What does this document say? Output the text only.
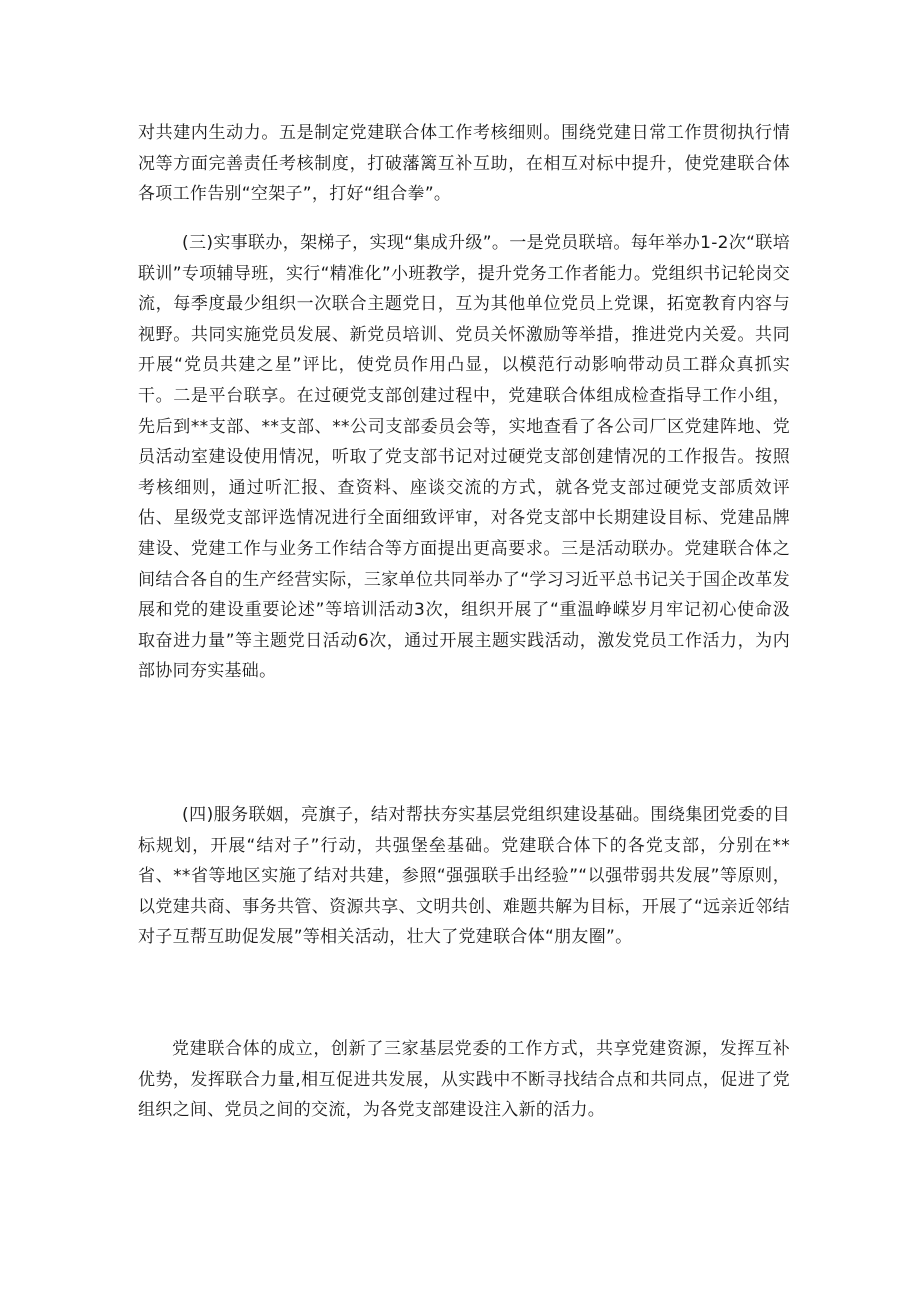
对共建内生动力。五是制定党建联合体工作考核细则。围绕党建日常工作贯彻执行情况等方面完善责任考核制度，打破藩篱互补互助，在相互对标中提升，使党建联合体各项工作告别“空架子”，打好“组合拳”。

(三)实事联办，架梯子，实现“集成升级”。一是党员联培。每年举办1-2次“联培联训”专项辅导班，实行“精准化”小班教学，提升党务工作者能力。党组织书记轮岗交流，每季度最少组织一次联合主题党日，互为其他单位党员上党课，拓宽教育内容与视野。共同实施党员发展、新党员培训、党员关怀激励等举措，推进党内关爱。共同开展“党员共建之星”评比，使党员作用凸显，以模范行动影响带动员工群众真抓实干。二是平台联享。在过硬党支部创建过程中，党建联合体组成检查指导工作小组，先后到**支部、**支部、**公司支部委员会等，实地查看了各公司厂区党建阵地、党员活动室建设使用情况，听取了党支部书记对过硬党支部创建情况的工作报告。按照考核细则，通过听汇报、查资料、座谈交流的方式，就各党支部过硬党支部质效评估、星级党支部评选情况进行全面细致评审，对各党支部中长期建设目标、党建品牌建设、党建工作与业务工作结合等方面提出更高要求。三是活动联办。党建联合体之间结合各自的生产经营实际，三家单位共同举办了“学习习近平总书记关于国企改革发展和党的建设重要论述”等培训活动3次，组织开展了“重温峥嵘岁月牢记初心使命汲取奋进力量”等主题党日活动6次，通过开展主题实践活动，激发党员工作活力，为内部协同夯实基础。

(四)服务联姻，亮旗子，结对帮扶夯实基层党组织建设基础。围绕集团党委的目标规划，开展“结对子”行动，共强堡垒基础。党建联合体下的各党支部，分别在**省、**省等地区实施了结对共建，参照“强强联手出经验”“以强带弱共发展”等原则，以党建共商、事务共管、资源共享、文明共创、难题共解为目标，开展了“远亲近邻结对子互帮互助促发展”等相关活动，壮大了党建联合体“朋友圈”。

党建联合体的成立，创新了三家基层党委的工作方式，共享党建资源，发挥互补优势，发挥联合力量,相互促进共发展，从实践中不断寻找结合点和共同点，促进了党组织之间、党员之间的交流，为各党支部建设注入新的活力。
